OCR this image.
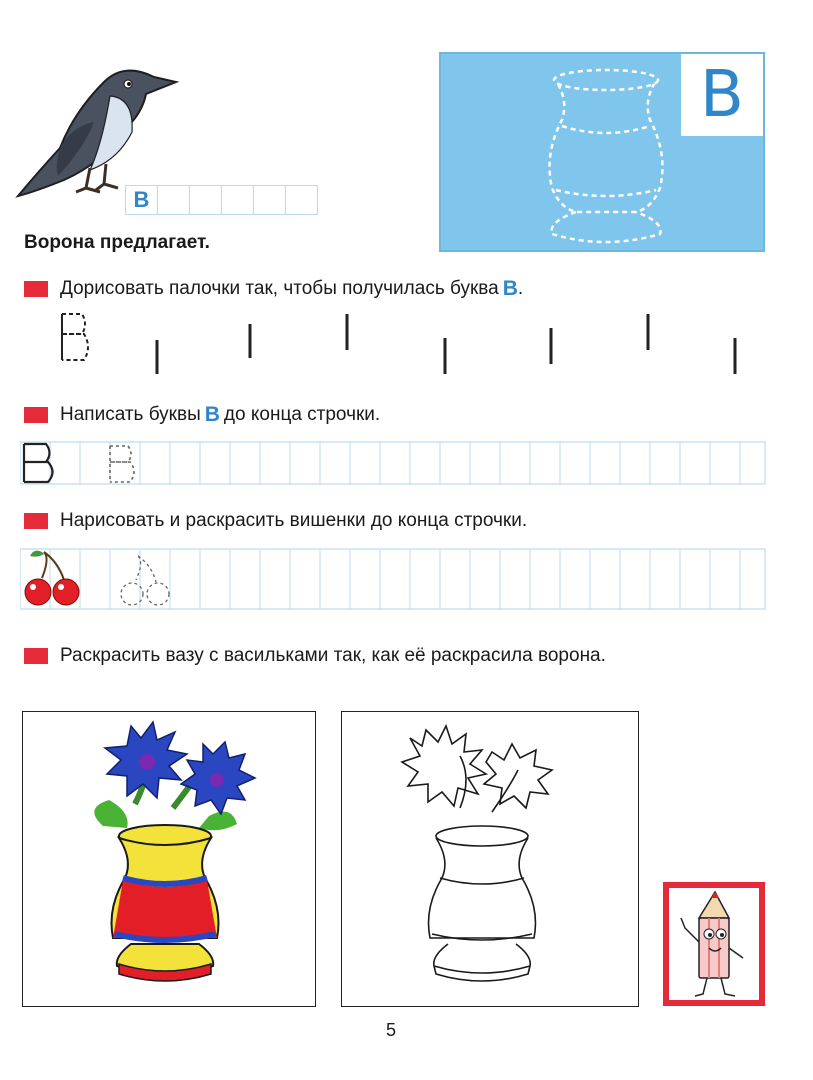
В
В
Ворона предлагает.
Дорисовать палочки так, чтобы получилась буква В .
Написать буквы В до конца строчки.
Нарисовать и раскрасить вишенки до конца строчки.
Раскрасить вазу с васильками так, как её раскрасила ворона.
5
